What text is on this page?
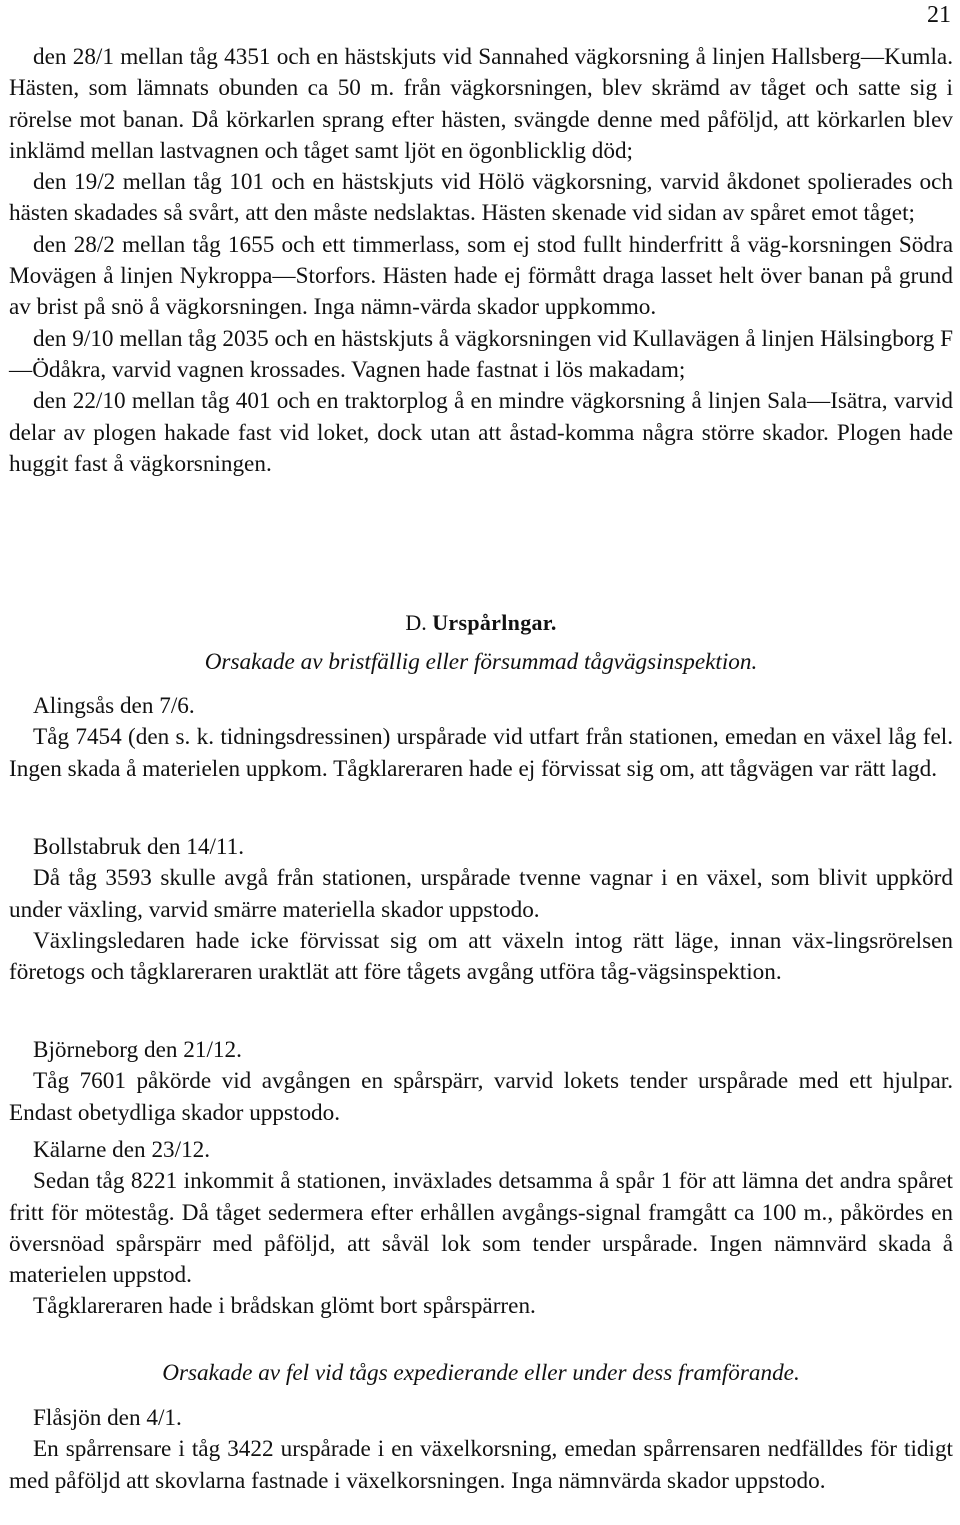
21

den 28/1 mellan tåg 4351 och en hästskjuts vid Sannahed vägkorsning å linjen Hallsberg—Kumla. Hästen, som lämnats obunden ca 50 m. från vägkorsningen, blev skrämd av tåget och satte sig i rörelse mot banan. Då körkarlen sprang efter hästen, svängde denne med påföljd, att körkarlen blev inklämd mellan lastvagnen och tåget samt ljöt en ögonblicklig död;

den 19/2 mellan tåg 101 och en hästskjuts vid Hölö vägkorsning, varvid åkdonet spolierades och hästen skadades så svårt, att den måste nedslaktas. Hästen skenade vid sidan av spåret emot tåget;

den 28/2 mellan tåg 1655 och ett timmerlass, som ej stod fullt hinderfritt å väg-korsningen Södra Movägen å linjen Nykroppa—Storfors. Hästen hade ej förmått draga lasset helt över banan på grund av brist på snö å vägkorsningen. Inga nämn-värda skador uppkommo.

den 9/10 mellan tåg 2035 och en hästskjuts å vägkorsningen vid Kullavägen å linjen Hälsingborg F—Ödåkra, varvid vagnen krossades. Vagnen hade fastnat i lös makadam;

den 22/10 mellan tåg 401 och en traktorplog å en mindre vägkorsning å linjen Sala—Isätra, varvid delar av plogen hakade fast vid loket, dock utan att åstad-komma några större skador. Plogen hade huggit fast å vägkorsningen.

D. Urspårlngar.

Orsakade av bristfällig eller försummad tågvägsinspektion.

Alingsås den 7/6.

Tåg 7454 (den s. k. tidningsdressinen) urspårade vid utfart från stationen, emedan en växel låg fel. Ingen skada å materielen uppkom. Tågklareraren hade ej förvissat sig om, att tågvägen var rätt lagd.

Bollstabruk den 14/11.

Då tåg 3593 skulle avgå från stationen, urspårade tvenne vagnar i en växel, som blivit uppkörd under växling, varvid smärre materiella skador uppstodo.

Växlingsledaren hade icke förvissat sig om att växeln intog rätt läge, innan väx-lingsrörelsen företogs och tågklareraren uraktlät att före tågets avgång utföra tåg-vägsinspektion.

Björneborg den 21/12.

Tåg 7601 påkörde vid avgången en spårspärr, varvid lokets tender urspårade med ett hjulpar. Endast obetydliga skador uppstodo.

Kälarne den 23/12.

Sedan tåg 8221 inkommit å stationen, inväxlades detsamma å spår 1 för att lämna det andra spåret fritt för möteståg. Då tåget sedermera efter erhållen avgångs-signal framgått ca 100 m., påkördes en översnöad spårspärr med påföljd, att såväl lok som tender urspårade. Ingen nämnvärd skada å materielen uppstod.

Tågklareraren hade i brådskan glömt bort spårspärren.

Orsakade av fel vid tågs expedierande eller under dess framförande.

Flåsjön den 4/1.

En spårrensare i tåg 3422 urspårade i en växelkorsning, emedan spårrensaren nedfälldes för tidigt med påföljd att skovlarna fastnade i växelkorsningen. Inga nämnvärda skador uppstodo.
